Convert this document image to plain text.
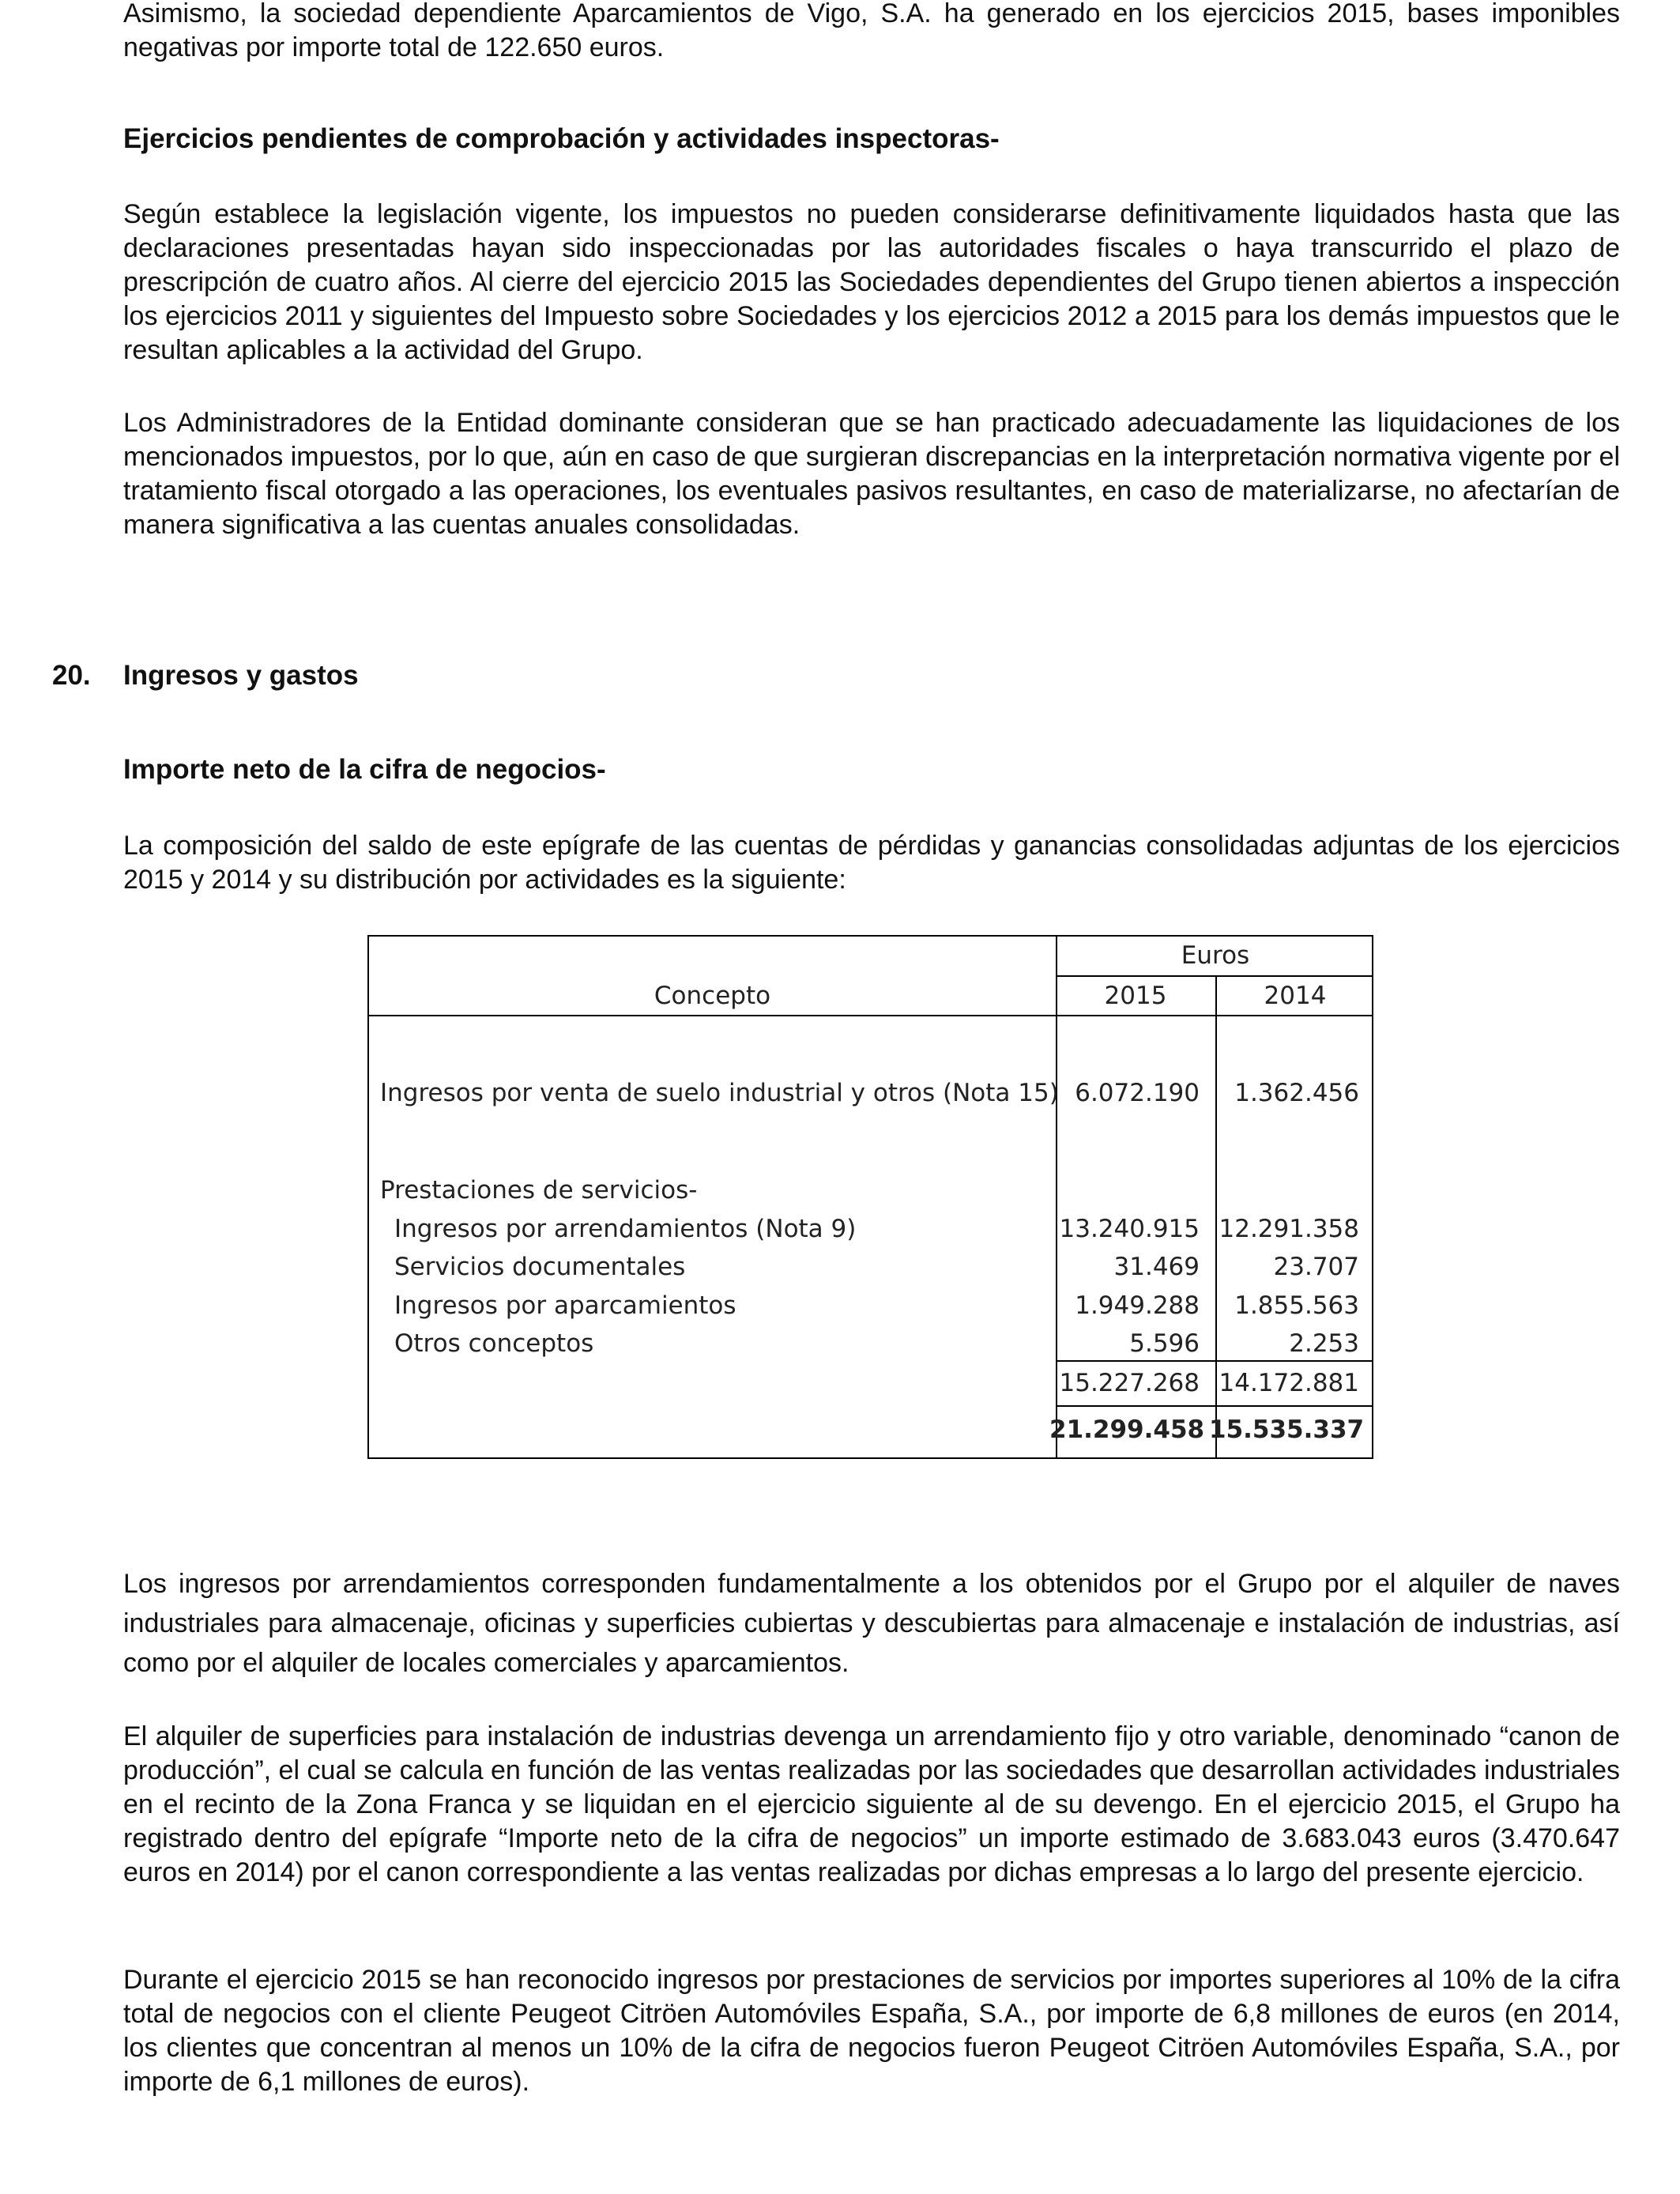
Asimismo, la sociedad dependiente Aparcamientos de Vigo, S.A. ha generado en los ejercicios 2015, bases imponibles negativas por importe total de 122.650 euros.

Ejercicios pendientes de comprobación y actividades inspectoras-

Según establece la legislación vigente, los impuestos no pueden considerarse definitivamente liquidados hasta que las declaraciones presentadas hayan sido inspeccionadas por las autoridades fiscales o haya transcurrido el plazo de prescripción de cuatro años. Al cierre del ejercicio 2015 las Sociedades dependientes del Grupo tienen abiertos a inspección los ejercicios 2011 y siguientes del Impuesto sobre Sociedades y los ejercicios 2012 a 2015 para los demás impuestos que le resultan aplicables a la actividad del Grupo.

Los Administradores de la Entidad dominante consideran que se han practicado adecuadamente las liquidaciones de los mencionados impuestos, por lo que, aún en caso de que surgieran discrepancias en la interpretación normativa vigente por el tratamiento fiscal otorgado a las operaciones, los eventuales pasivos resultantes, en caso de materializarse, no afectarían de manera significativa a las cuentas anuales consolidadas.

20. Ingresos y gastos

Importe neto de la cifra de negocios-

La composición del saldo de este epígrafe de las cuentas de pérdidas y ganancias consolidadas adjuntas de los ejercicios 2015 y 2014 y su distribución por actividades es la siguiente:

Euros
Concepto	2015	2014
Ingresos por venta de suelo industrial y otros (Nota 15) 6.072.190	1.362.456
Prestaciones de servicios-
Ingresos por arrendamientos (Nota 9)	13.240.915 12.291.358
Servicios documentales	31.469	23.707
Ingresos por aparcamientos	1.949.288	1.855.563
Otros conceptos	5.596	2.253
15.227.268 14.172.881
21.299.458 15.535.337

Los ingresos por arrendamientos corresponden fundamentalmente a los obtenidos por el Grupo por el alquiler de naves industriales para almacenaje, oficinas y superficies cubiertas y descubiertas para almacenaje e instalación de industrias, así como por el alquiler de locales comerciales y aparcamientos.

El alquiler de superficies para instalación de industrias devenga un arrendamiento fijo y otro variable, denominado “canon de producción”, el cual se calcula en función de las ventas realizadas por las sociedades que desarrollan actividades industriales en el recinto de la Zona Franca y se liquidan en el ejercicio siguiente al de su devengo. En el ejercicio 2015, el Grupo ha registrado dentro del epígrafe “Importe neto de la cifra de negocios” un importe estimado de 3.683.043 euros (3.470.647 euros en 2014) por el canon correspondiente a las ventas realizadas por dichas empresas a lo largo del presente ejercicio.

Durante el ejercicio 2015 se han reconocido ingresos por prestaciones de servicios por importes superiores al 10% de la cifra total de negocios con el cliente Peugeot Citröen Automóviles España, S.A., por importe de 6,8 millones de euros (en 2014, los clientes que concentran al menos un 10% de la cifra de negocios fueron Peugeot Citröen Automóviles España, S.A., por importe de 6,1 millones de euros).
